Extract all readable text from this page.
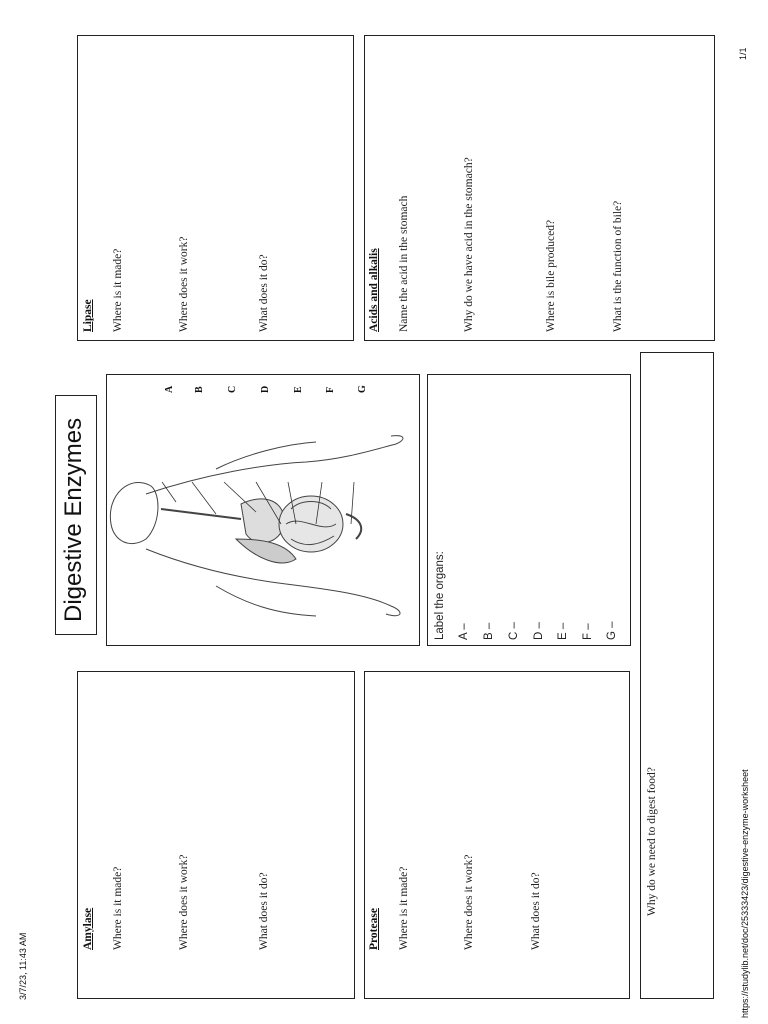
3/7/23, 11:43 AM
1/1
https://studylib.net/doc/25333423/digestive-enzyme-worksheet
Amylase Where is it made?	Where does it work?	What does it do?	Protease Where is it made?	Where does it work?	What does it do?	Why do we need to digest food?
Digestive Enzymes
A B C D E F G
Label the organs: A – B – C – D – E – F – G –
Lipase Where is it made?	Where does it work?	What does it do?	Acids and alkalis Name the acid in the stomach	Why do we have acid in the stomach?	Where is bile produced?	What is the function of bile?
